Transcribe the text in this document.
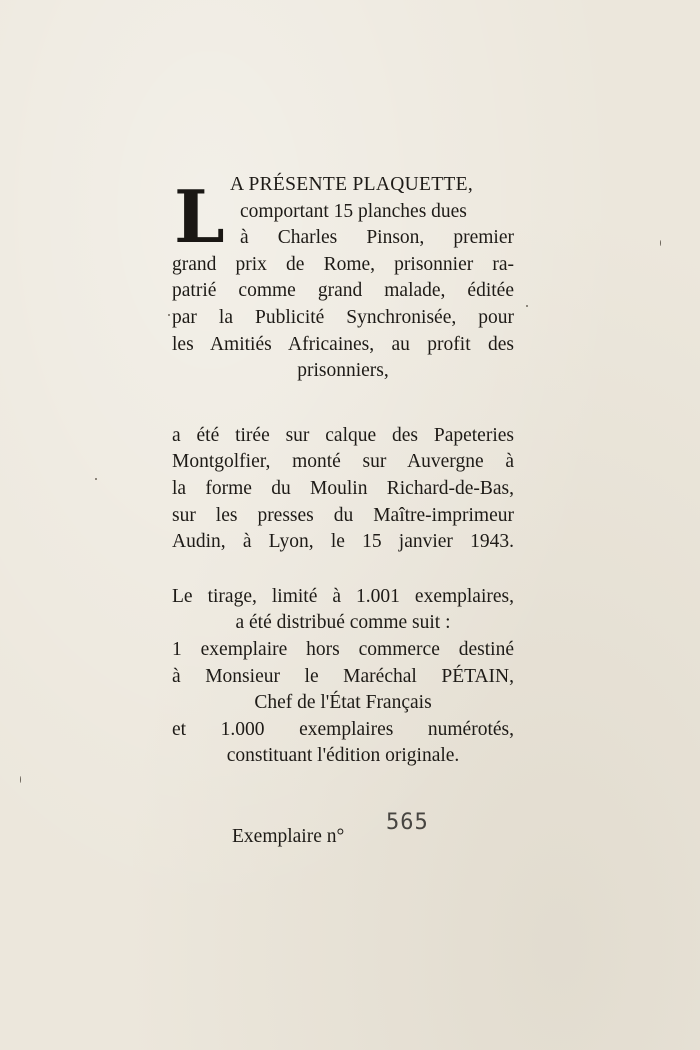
L A PRÉSENTE PLAQUETTE,
comportant 15 planches dues
à Charles Pinson, premier
grand prix de Rome, prisonnier ra-
patrié comme grand malade, éditée
par la Publicité Synchronisée, pour
les Amitiés Africaines, au profit des
prisonniers,
a été tirée sur calque des Papeteries
Montgolfier, monté sur Auvergne à
la forme du Moulin Richard-de-Bas,
sur les presses du Maître-imprimeur
Audin, à Lyon, le 15 janvier 1943.
Le tirage, limité à 1.001 exemplaires,
a été distribué comme suit :
1 exemplaire hors commerce destiné
à Monsieur le Maréchal PÉTAIN,
Chef de l'État Français
et 1.000 exemplaires numérotés,
constituant l'édition originale.
Exemplaire n°
565
